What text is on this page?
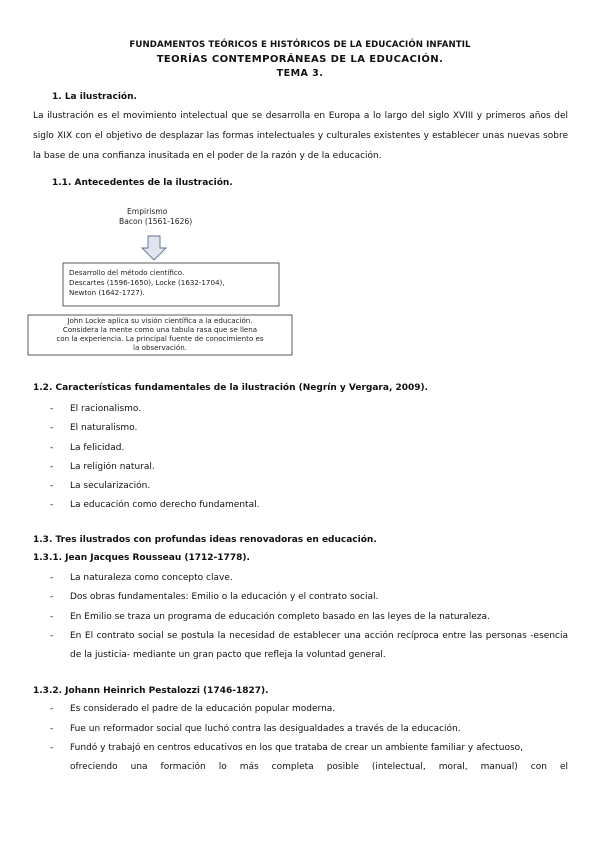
FUNDAMENTOS TEÓRICOS E HISTÓRICOS DE LA EDUCACIÓN INFANTIL
TEORÍAS CONTEMPORÁNEAS DE LA EDUCACIÓN.
TEMA 3.
1. La ilustración.
La ilustración es el movimiento intelectual que se desarrolla en Europa a lo largo del siglo XVIII y primeros años del siglo XIX con el objetivo de desplazar las formas intelectuales y culturales existentes y establecer unas nuevas sobre la base de una confianza inusitada en el poder de la razón y de la educación.
1.1. Antecedentes de la ilustración.
Empirismo
Bacon (1561-1626)
Desarrollo del método científico.
Descartes (1596-1650), Locke (1632-1704),
Newton (1642-1727).
John Locke aplica su visión científica a la educación.
Considera la mente como una tabula rasa que se llena
con la experiencia. La principal fuente de conocimiento es
la observación.
1.2. Características fundamentales de la ilustración (Negrín y Vergara, 2009).
- El racionalismo.
- El naturalismo.
- La felicidad.
- La religión natural.
- La secularización.
- La educación como derecho fundamental.
1.3. Tres ilustrados con profundas ideas renovadoras en educación.
1.3.1. Jean Jacques Rousseau (1712-1778).
- La naturaleza como concepto clave.
- Dos obras fundamentales: Emilio o la educación y el contrato social.
- En Emilio se traza un programa de educación completo basado en las leyes de la naturaleza.
- En El contrato social se postula la necesidad de establecer una acción recíproca entre las personas -esencia de la justicia- mediante un gran pacto que refleja la voluntad general.
1.3.2. Johann Heinrich Pestalozzi (1746-1827).
- Es considerado el padre de la educación popular moderna.
- Fue un reformador social que luchó contra las desigualdades a través de la educación.
- Fundó y trabajó en centros educativos en los que trataba de crear un ambiente familiar y afectuoso,
ofreciendo una formación lo más completa posible (intelectual, moral, manual) con el
